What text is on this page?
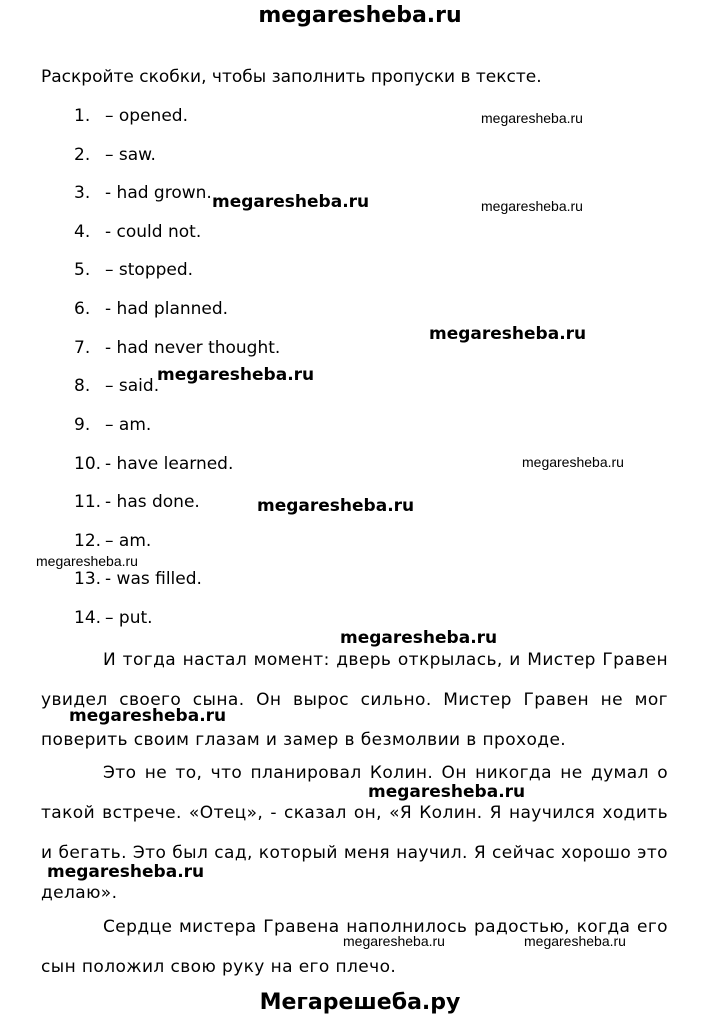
megaresheba.ru
Раскройте скобки, чтобы заполнить пропуски в тексте.
1. – opened.
2. – saw.
3. - had grown.
4. - could not.
5. – stopped.
6. - had planned.
7. - had never thought.
8. – said.
9. – am.
10. - have learned.
11. - has done.
12. – am.
13. - was filled.
14. – put.
И тогда настал момент: дверь открылась, и Мистер Гравен увидел своего сына. Он вырос сильно. Мистер Гравен не мог поверить своим глазам и замер в безмолвии в проходе.
Это не то, что планировал Колин. Он никогда не думал о такой встрече. «Отец», - сказал он, «Я Колин. Я научился ходить и бегать. Это был сад, который меня научил. Я сейчас хорошо это делаю».
Сердце мистера Гравена наполнилось радостью, когда его сын положил свою руку на его плечо.
megaresheba.ru
megaresheba.ru	megaresheba.ru
megaresheba.ru
megaresheba.ru
megaresheba.ru
megaresheba.ru
megaresheba.ru
megaresheba.ru
megaresheba.ru
megaresheba.ru
megaresheba.ru
megaresheba.ru	megaresheba.ru
Мегарешеба.ру
